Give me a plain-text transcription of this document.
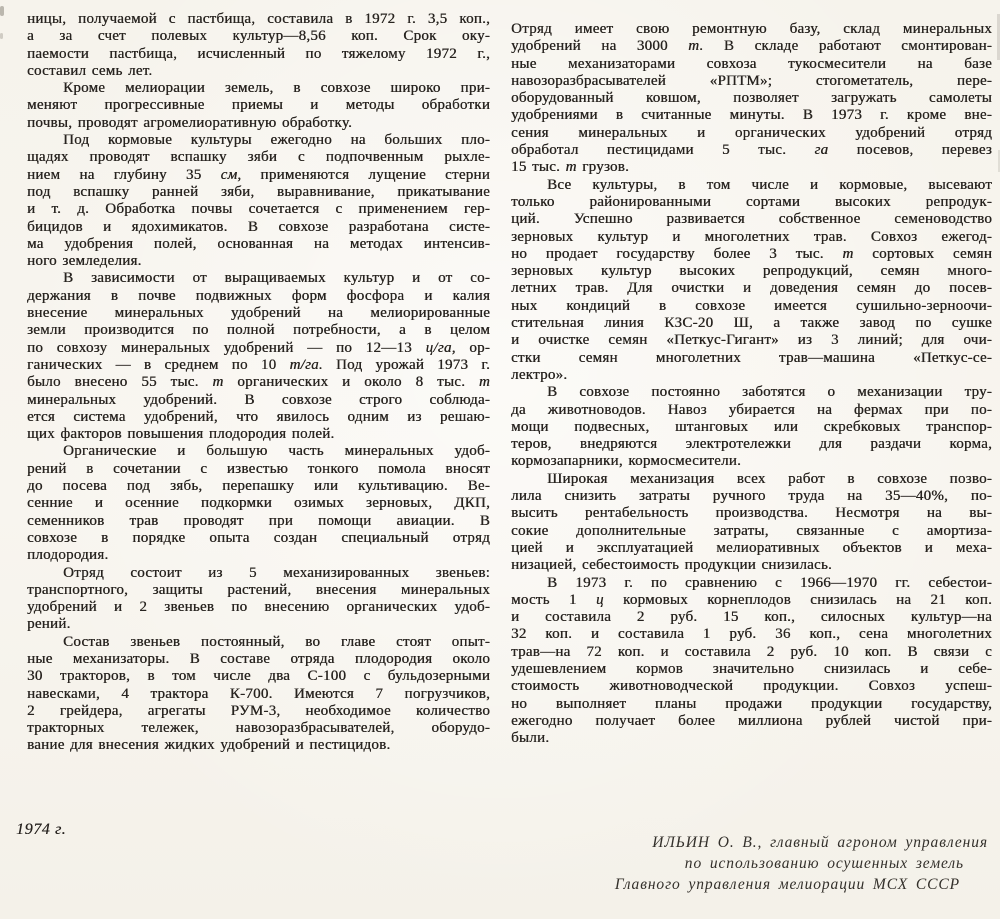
ницы, получаемой с пастбища, составила в 1972 г. 3,5 коп.,
а за счет полевых культур—8,56 коп. Срок оку-
паемости пастбища, исчисленный по тяжелому 1972 г.,
составил семь лет.
Кроме мелиорации земель, в совхозе широко при-
меняют прогрессивные приемы и методы обработки
почвы, проводят агромелиоративную обработку.
Под кормовые культуры ежегодно на больших пло-
щадях проводят вспашку зяби с подпочвенным рыхле-
нием на глубину 35 см, применяются лущение стерни
под вспашку ранней зяби, выравнивание, прикатывание
и т. д. Обработка почвы сочетается с применением гер-
бицидов и ядохимикатов. В совхозе разработана систе-
ма удобрения полей, основанная на методах интенсив-
ного земледелия.
В зависимости от выращиваемых культур и от со-
держания в почве подвижных форм фосфора и калия
внесение минеральных удобрений на мелиорированные
земли производится по полной потребности, а в целом
по совхозу минеральных удобрений — по 12—13 ц/га, ор-
ганических — в среднем по 10 т/га. Под урожай 1973 г.
было внесено 55 тыс. т органических и около 8 тыс. т
минеральных удобрений. В совхозе строго соблюда-
ется система удобрений, что явилось одним из решаю-
щих факторов повышения плодородия полей.
Органические и большую часть минеральных удоб-
рений в сочетании с известью тонкого помола вносят
до посева под зябь, перепашку или культивацию. Ве-
сенние и осенние подкормки озимых зерновых, ДКП,
семенников трав проводят при помощи авиации. В
совхозе в порядке опыта создан специальный отряд
плодородия.
Отряд состоит из 5 механизированных звеньев:
транспортного, защиты растений, внесения минеральных
удобрений и 2 звеньев по внесению органических удоб-
рений.
Состав звеньев постоянный, во главе стоят опыт-
ные механизаторы. В составе отряда плодородия около
30 тракторов, в том числе два С-100 с бульдозерными
навесками, 4 трактора К-700. Имеются 7 погрузчиков,
2 грейдера, агрегаты РУМ-3, необходимое количество
тракторных тележек, навозоразбрасывателей, оборудо-
вание для внесения жидких удобрений и пестицидов.
Отряд имеет свою ремонтную базу, склад минеральных
удобрений на 3000 т. В складе работают смонтирован-
ные механизаторами совхоза тукосмесители на базе
навозоразбрасывателей «РПТМ»; стогометатель, пере-
оборудованный ковшом, позволяет загружать самолеты
удобрениями в считанные минуты. В 1973 г. кроме вне-
сения минеральных и органических удобрений отряд
обработал пестицидами 5 тыс. га посевов, перевез
15 тыс. т грузов.
Все культуры, в том числе и кормовые, высевают
только районированными сортами высоких репродук-
ций. Успешно развивается собственное семеноводство
зерновых культур и многолетних трав. Совхоз ежегод-
но продает государству более 3 тыс. т сортовых семян
зерновых культур высоких репродукций, семян много-
летних трав. Для очистки и доведения семян до посев-
ных кондиций в совхозе имеется сушильно-зерноочи-
стительная линия КЗС-20 Ш, а также завод по сушке
и очистке семян «Петкус-Гигант» из 3 линий; для очи-
стки семян многолетних трав—машина «Петкус-се-
лектро».
В совхозе постоянно заботятся о механизации тру-
да животноводов. Навоз убирается на фермах при по-
мощи подвесных, штанговых или скребковых транспор-
теров, внедряются электротележки для раздачи корма,
кормозапарники, кормосмесители.
Широкая механизация всех работ в совхозе позво-
лила снизить затраты ручного труда на 35—40%, по-
высить рентабельность производства. Несмотря на вы-
сокие дополнительные затраты, связанные с амортиза-
цией и эксплуатацией мелиоративных объектов и меха-
низацией, себестоимость продукции снизилась.
В 1973 г. по сравнению с 1966—1970 гг. себестои-
мость 1 ц кормовых корнеплодов снизилась на 21 коп.
и составила 2 руб. 15 коп., силосных культур—на
32 коп. и составила 1 руб. 36 коп., сена многолетних
трав—на 72 коп. и составила 2 руб. 10 коп. В связи с
удешевлением кормов значительно снизилась и себе-
стоимость животноводческой продукции. Совхоз успеш-
но выполняет планы продажи продукции государству,
ежегодно получает более миллиона рублей чистой при-
были.
1974 г.
ИЛЬИН О. В., главный агроном управления
по использованию осушенных земель
Главного управления мелиорации МСХ СССР
